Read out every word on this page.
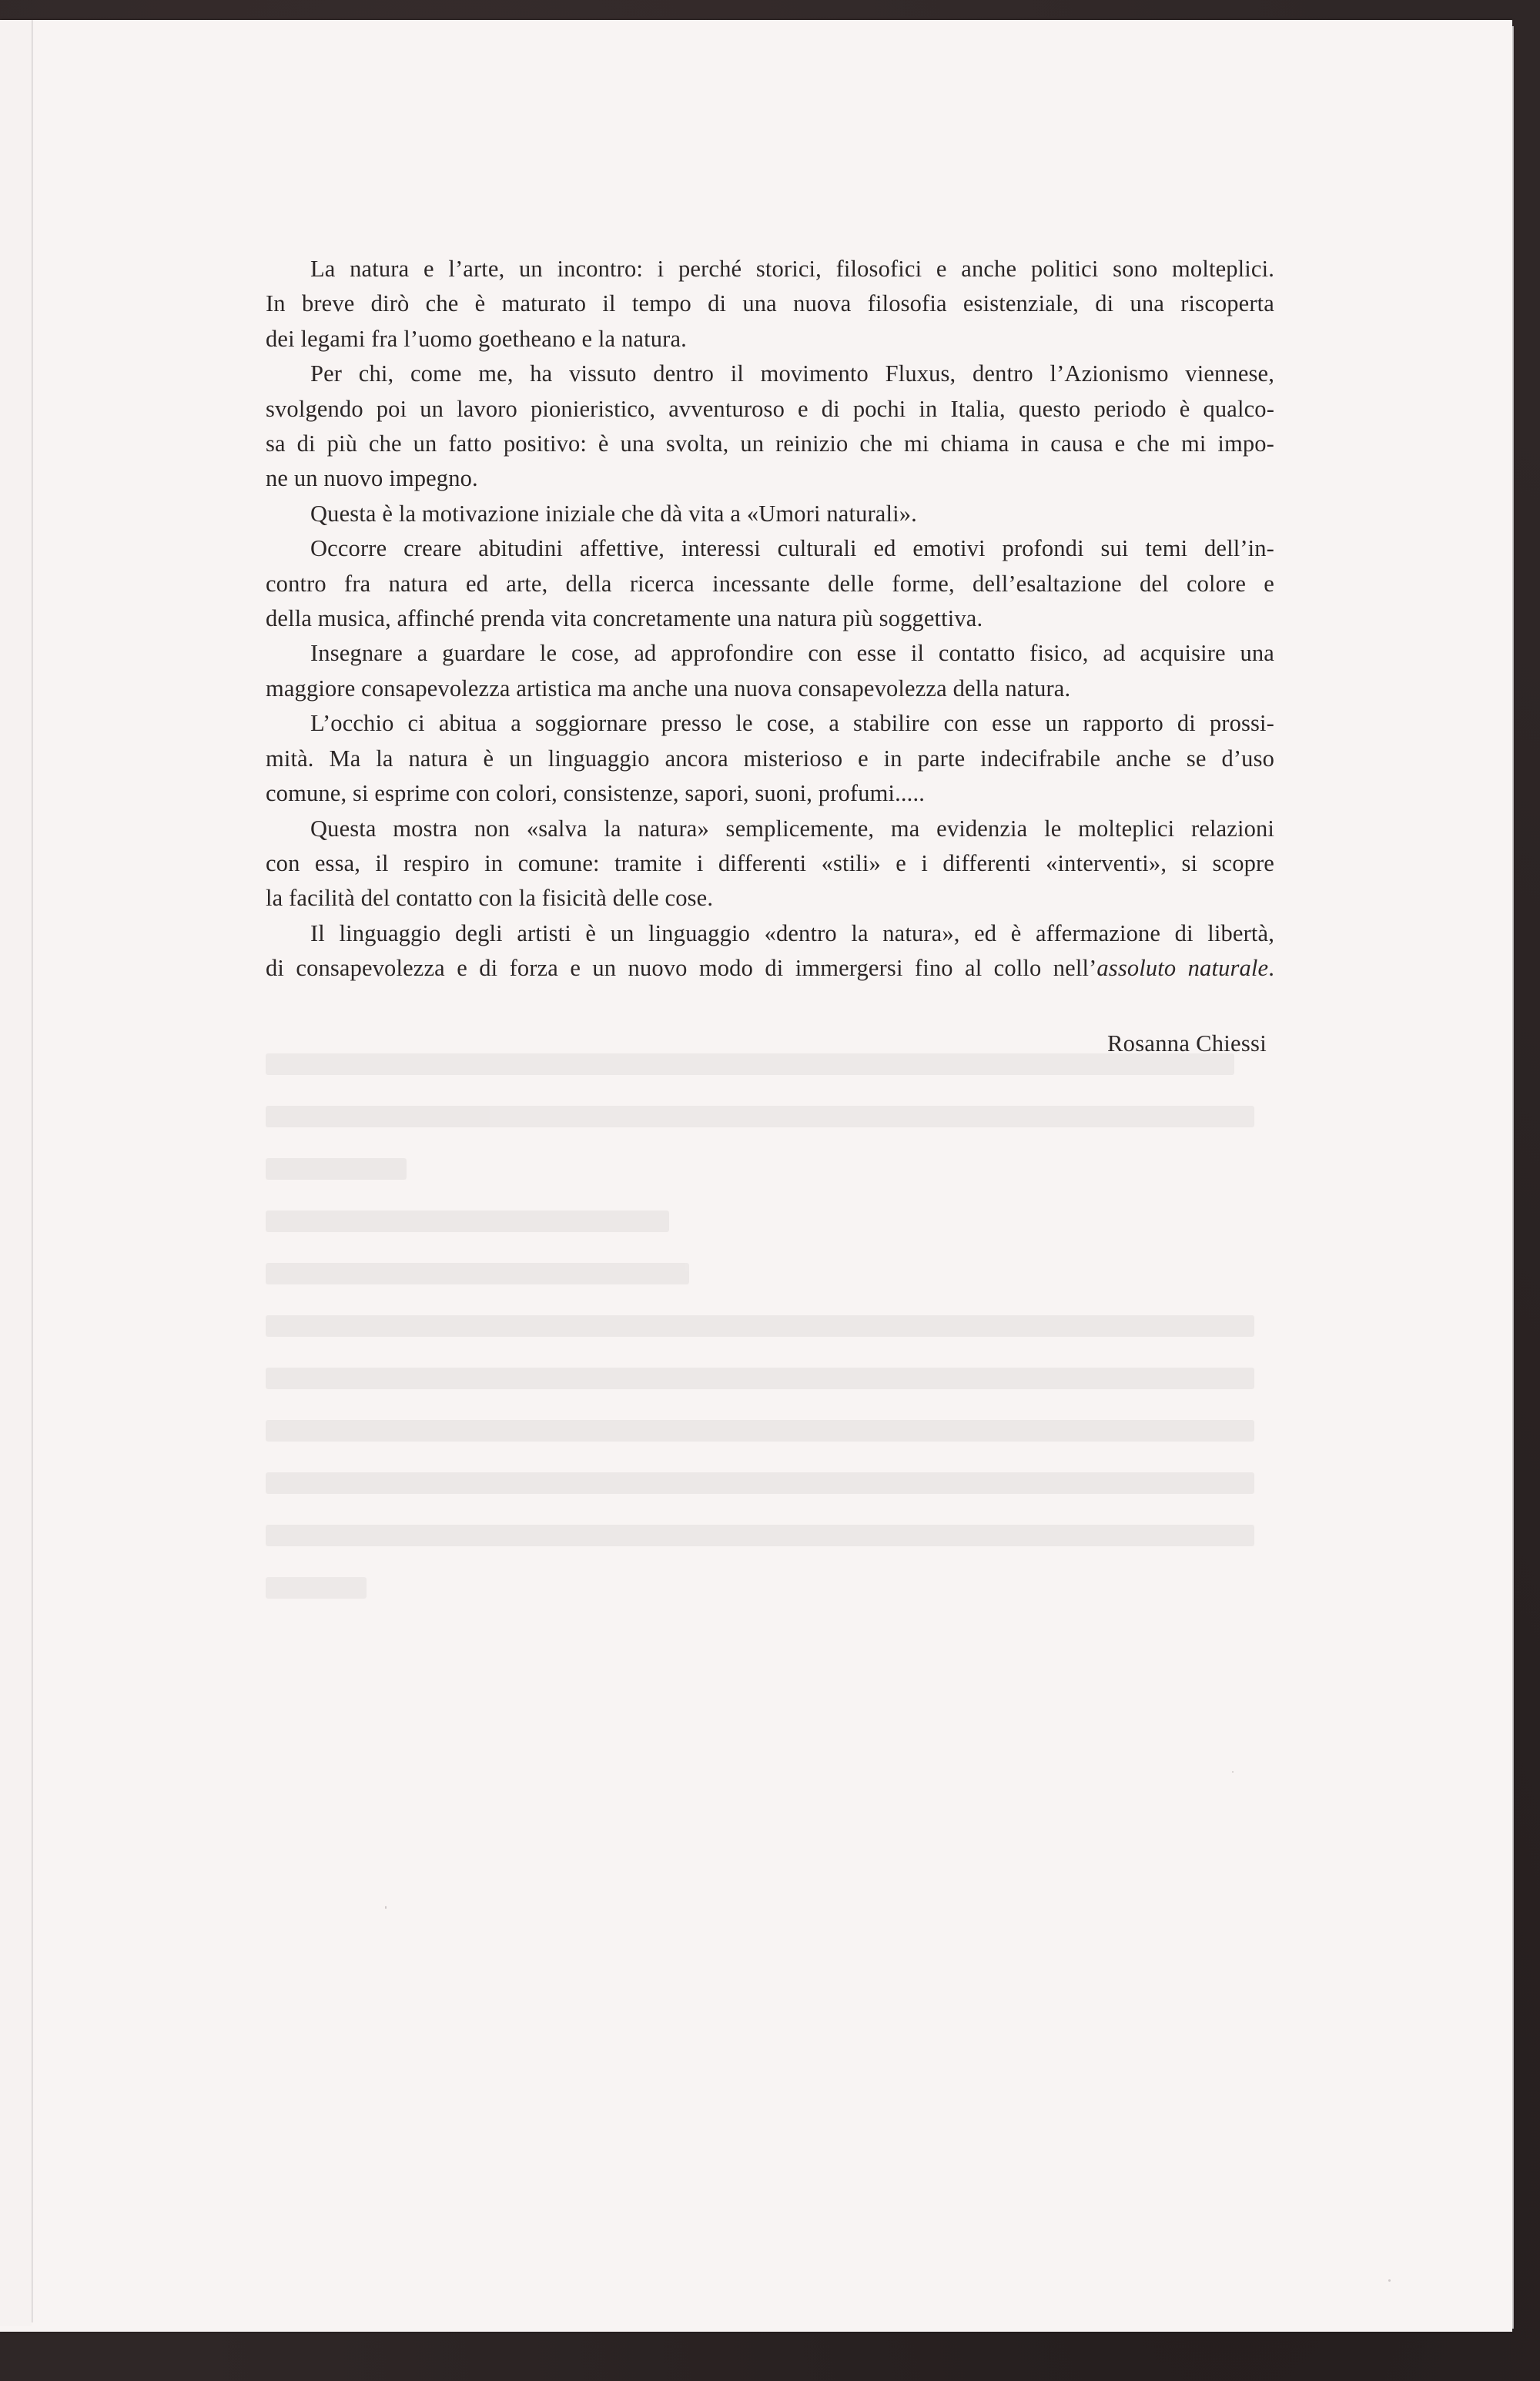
La natura e l’arte, un incontro: i perché storici, filosofici e anche politici sono molteplici.
In breve dirò che è maturato il tempo di una nuova filosofia esistenziale, di una riscoperta
dei legami fra l’uomo goetheano e la natura.

Per chi, come me, ha vissuto dentro il movimento Fluxus, dentro l’Azionismo viennese,
svolgendo poi un lavoro pionieristico, avventuroso e di pochi in Italia, questo periodo è qualco-
sa di più che un fatto positivo: è una svolta, un reinizio che mi chiama in causa e che mi impo-
ne un nuovo impegno.

Questa è la motivazione iniziale che dà vita a «Umori naturali».

Occorre creare abitudini affettive, interessi culturali ed emotivi profondi sui temi dell’in-
contro fra natura ed arte, della ricerca incessante delle forme, dell’esaltazione del colore e
della musica, affinché prenda vita concretamente una natura più soggettiva.

Insegnare a guardare le cose, ad approfondire con esse il contatto fisico, ad acquisire una
maggiore consapevolezza artistica ma anche una nuova consapevolezza della natura.

L’occhio ci abitua a soggiornare presso le cose, a stabilire con esse un rapporto di prossi-
mità. Ma la natura è un linguaggio ancora misterioso e in parte indecifrabile anche se d’uso
comune, si esprime con colori, consistenze, sapori, suoni, profumi.....

Questa mostra non «salva la natura» semplicemente, ma evidenzia le molteplici relazioni
con essa, il respiro in comune: tramite i differenti «stili» e i differenti «interventi», si scopre
la facilità del contatto con la fisicità delle cose.

Il linguaggio degli artisti è un linguaggio «dentro la natura», ed è affermazione di libertà,
di consapevolezza e di forza e un nuovo modo di immergersi fino al collo nell’assoluto naturale.

Rosanna Chiessi
